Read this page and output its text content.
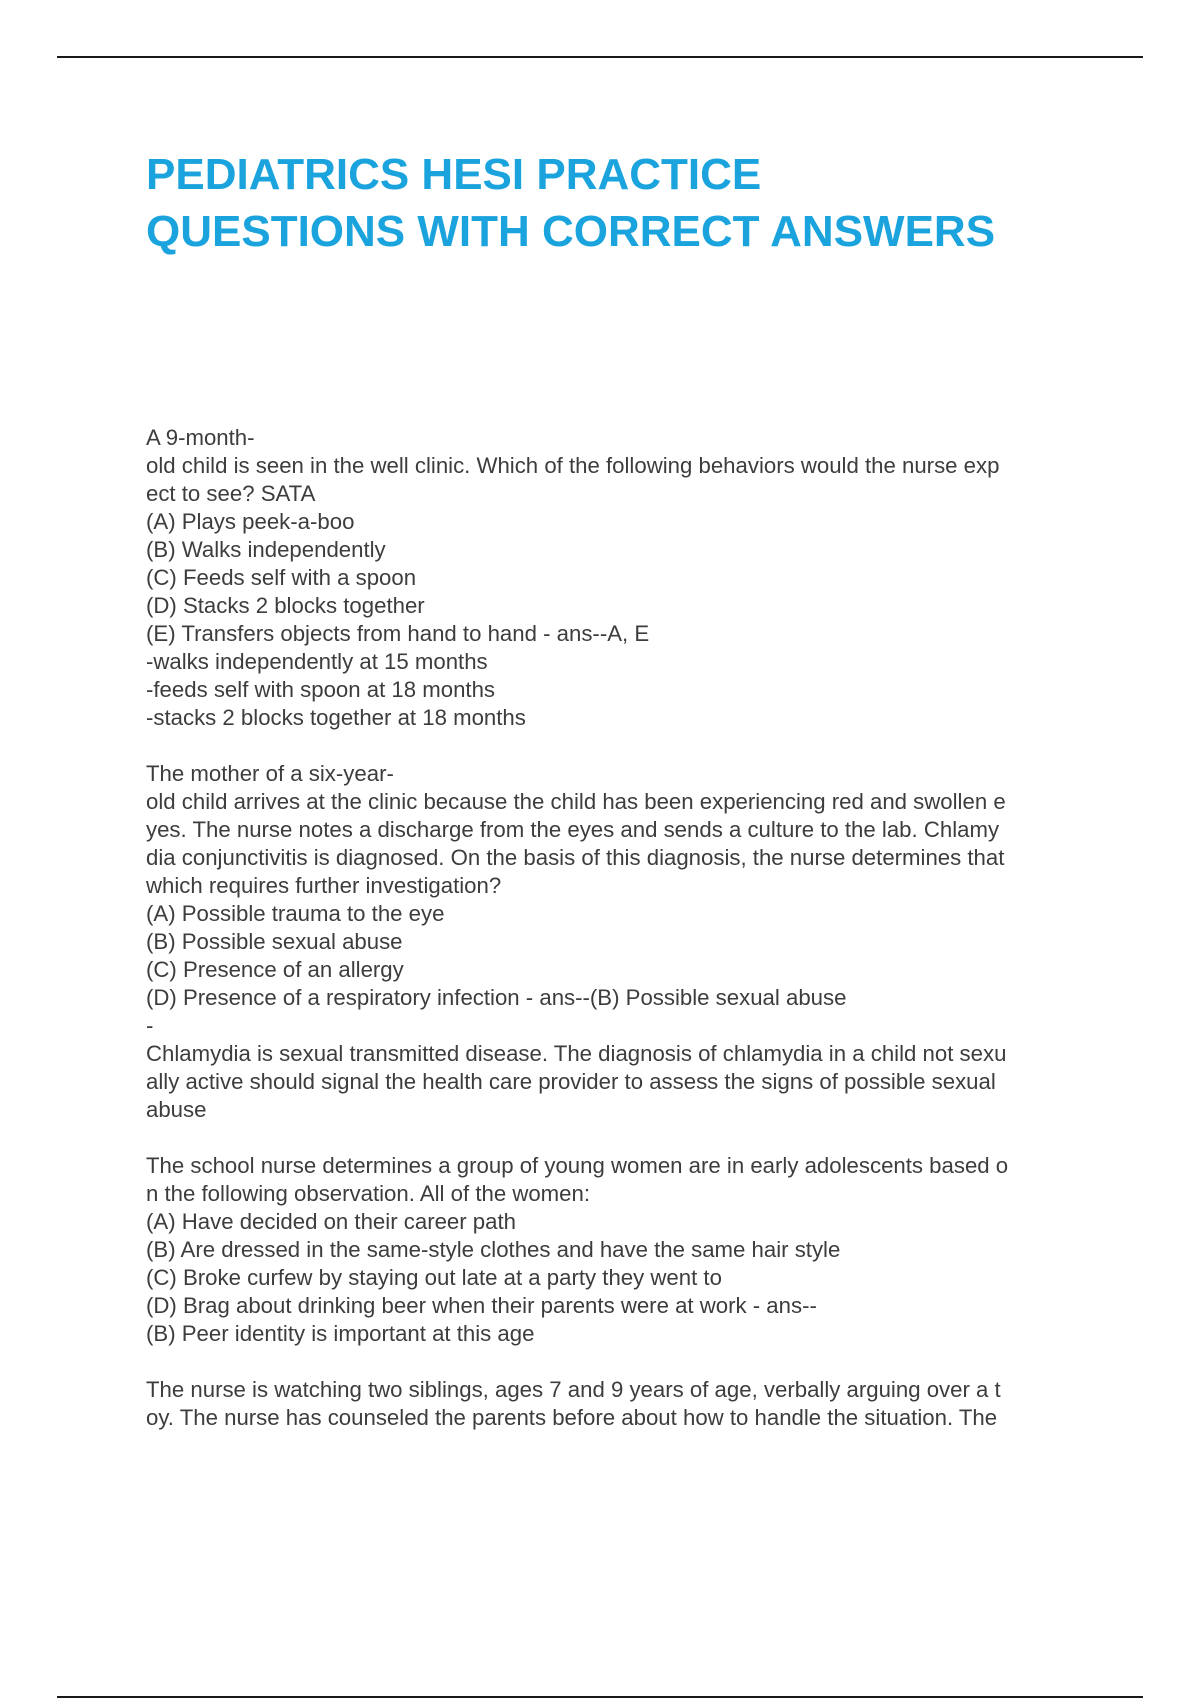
PEDIATRICS HESI PRACTICE
QUESTIONS WITH CORRECT ANSWERS
A 9-month-
old child is seen in the well clinic. Which of the following behaviors would the nurse exp
ect to see? SATA
(A) Plays peek-a-boo
(B) Walks independently
(C) Feeds self with a spoon
(D) Stacks 2 blocks together
(E) Transfers objects from hand to hand - ans--A, E
-walks independently at 15 months
-feeds self with spoon at 18 months
-stacks 2 blocks together at 18 months
The mother of a six-year-
old child arrives at the clinic because the child has been experiencing red and swollen e
yes. The nurse notes a discharge from the eyes and sends a culture to the lab. Chlamy
dia conjunctivitis is diagnosed. On the basis of this diagnosis, the nurse determines that
which requires further investigation?
(A) Possible trauma to the eye
(B) Possible sexual abuse
(C) Presence of an allergy
(D) Presence of a respiratory infection - ans--(B) Possible sexual abuse
-
Chlamydia is sexual transmitted disease. The diagnosis of chlamydia in a child not sexu
ally active should signal the health care provider to assess the signs of possible sexual
abuse
The school nurse determines a group of young women are in early adolescents based o
n the following observation. All of the women:
(A) Have decided on their career path
(B) Are dressed in the same-style clothes and have the same hair style
(C) Broke curfew by staying out late at a party they went to
(D) Brag about drinking beer when their parents were at work - ans--
(B) Peer identity is important at this age
The nurse is watching two siblings, ages 7 and 9 years of age, verbally arguing over a t
oy. The nurse has counseled the parents before about how to handle the situation. The
